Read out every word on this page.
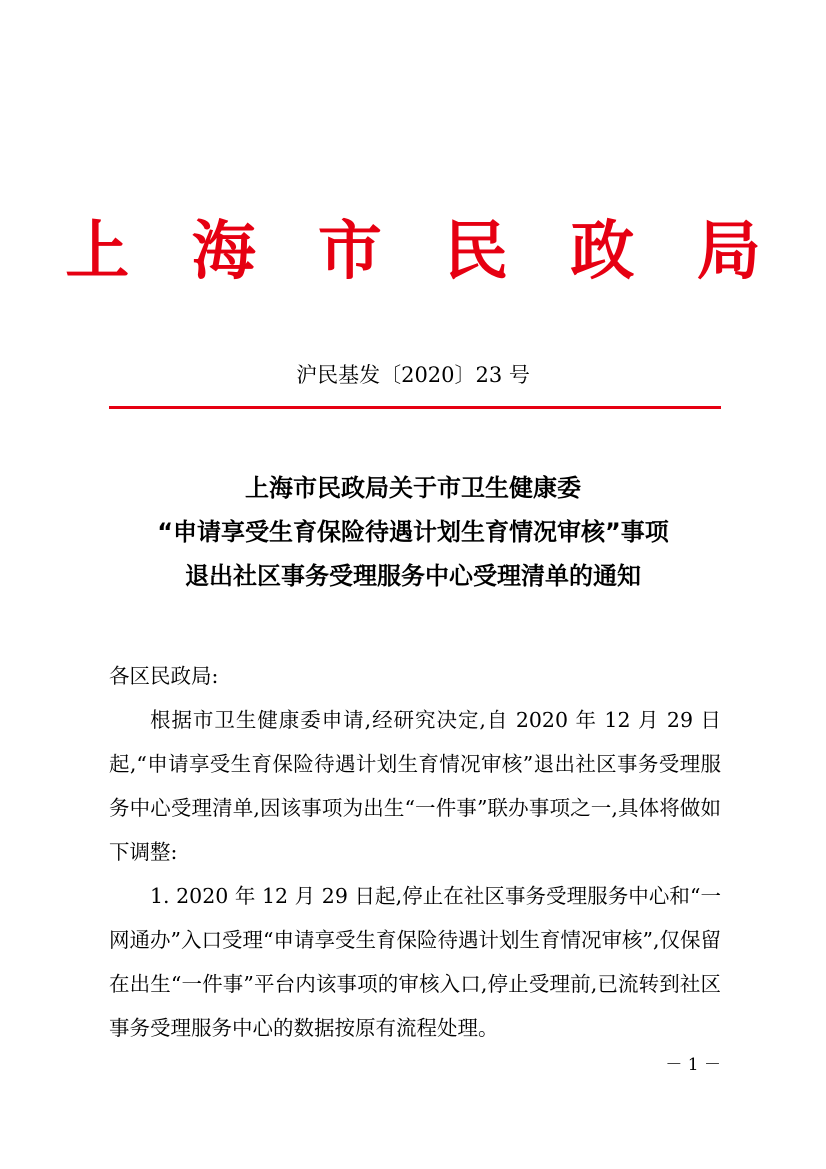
上 海 市 民 政 局
沪民基发〔2020〕23 号
上海市民政局关于市卫生健康委
“申请享受生育保险待遇计划生育情况审核”事项
退出社区事务受理服务中心受理清单的通知

各区民政局:

根据市卫生健康委申请,经研究决定,自 2020 年 12 月 29 日起,“申请享受生育保险待遇计划生育情况审核”退出社区事务受理服务中心受理清单,因该事项为出生“一件事”联办事项之一,具体将做如下调整:

1. 2020 年 12 月 29 日起,停止在社区事务受理服务中心和“一网通办”入口受理“申请享受生育保险待遇计划生育情况审核”,仅保留在出生“一件事”平台内该事项的审核入口,停止受理前,已流转到社区事务受理服务中心的数据按原有流程处理。

－ 1 －
